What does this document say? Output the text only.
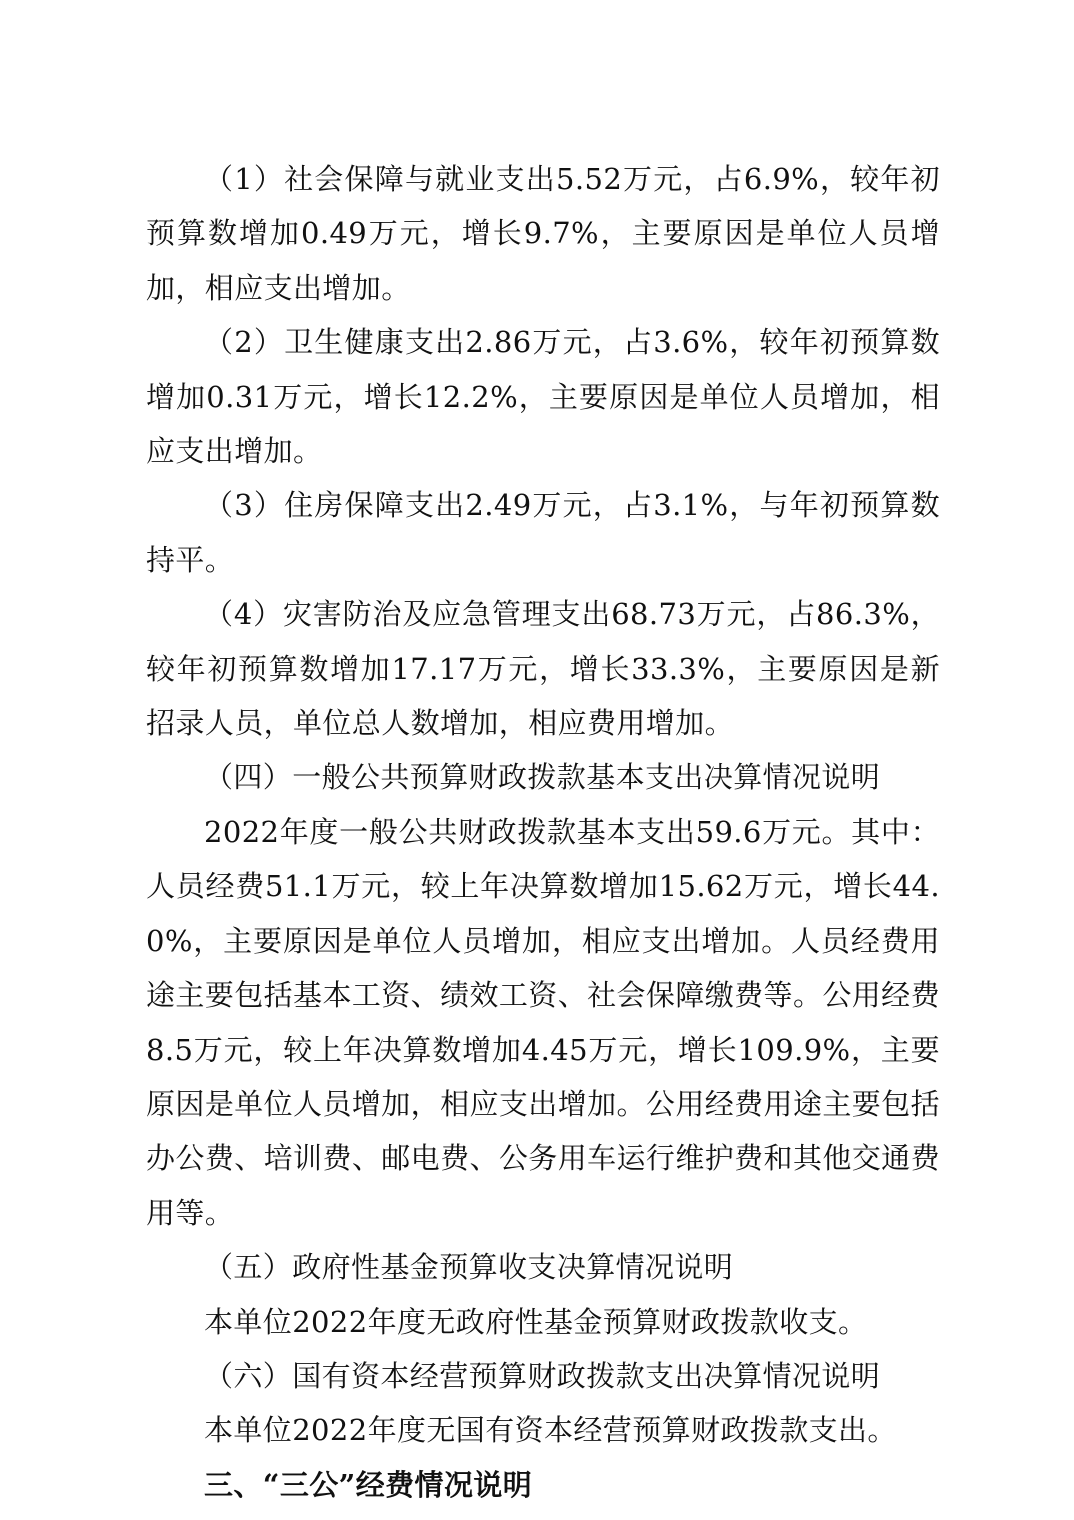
（1）社会保障与就业支出5.52万元，占6.9%，较年初预算数增加0.49万元，增长9.7%，主要原因是单位人员增加，相应支出增加。

（2）卫生健康支出2.86万元，占3.6%，较年初预算数增加0.31万元，增长12.2%，主要原因是单位人员增加，相应支出增加。

（3）住房保障支出2.49万元，占3.1%，与年初预算数持平。

（4）灾害防治及应急管理支出68.73万元，占86.3%，较年初预算数增加17.17万元，增长33.3%，主要原因是新招录人员，单位总人数增加，相应费用增加。

（四）一般公共预算财政拨款基本支出决算情况说明

2022年度一般公共财政拨款基本支出59.6万元。其中：人员经费51.1万元，较上年决算数增加15.62万元，增长44.0%，主要原因是单位人员增加，相应支出增加。人员经费用途主要包括基本工资、绩效工资、社会保障缴费等。公用经费8.5万元，较上年决算数增加4.45万元，增长109.9%，主要原因是单位人员增加，相应支出增加。公用经费用途主要包括办公费、培训费、邮电费、公务用车运行维护费和其他交通费用等。

（五）政府性基金预算收支决算情况说明

本单位2022年度无政府性基金预算财政拨款收支。

（六）国有资本经营预算财政拨款支出决算情况说明

本单位2022年度无国有资本经营预算财政拨款支出。

三、“三公”经费情况说明
